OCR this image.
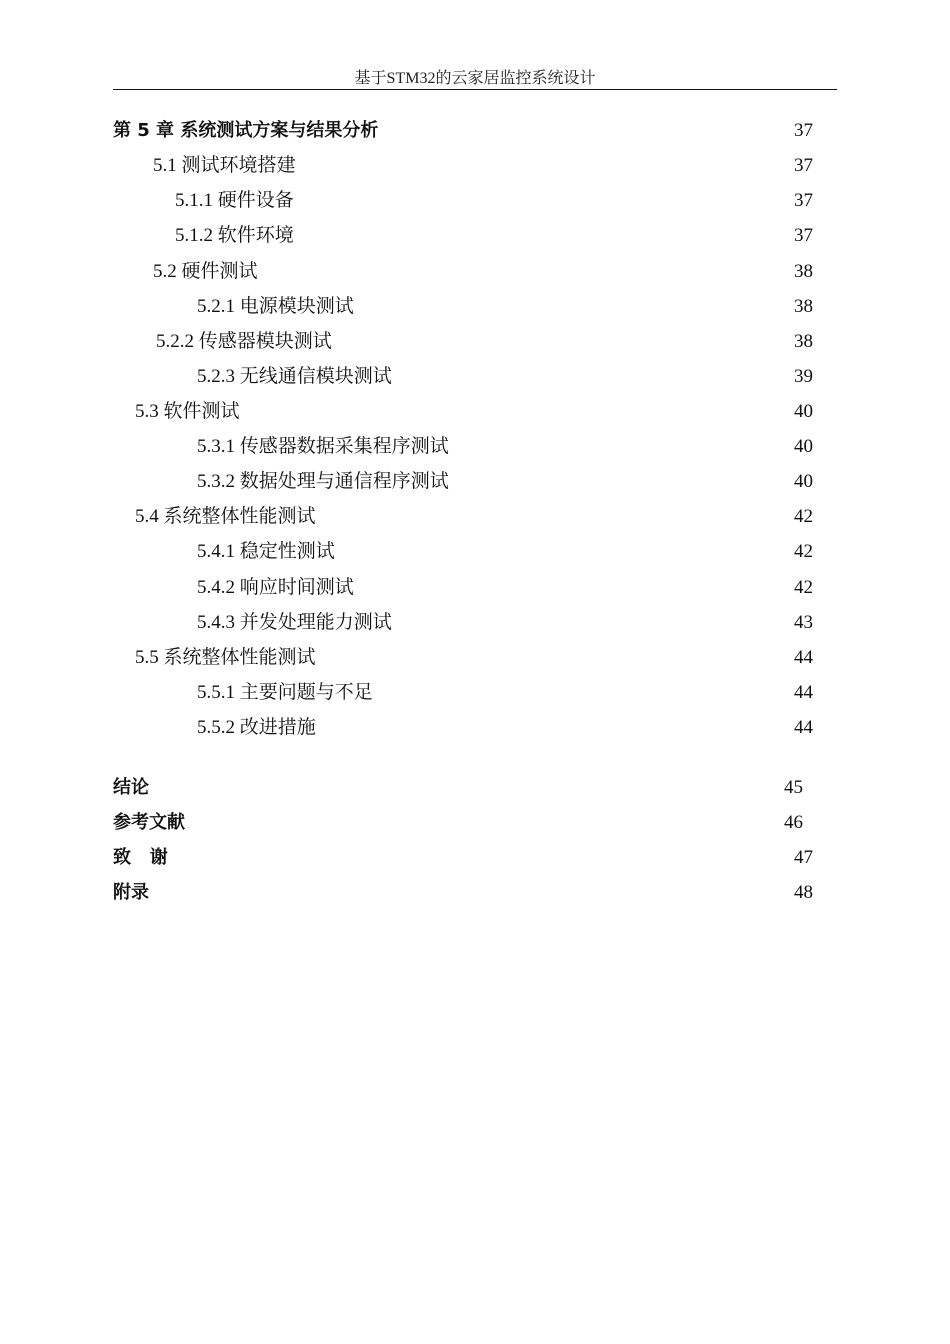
基于STM32的云家居监控系统设计
第 5 章 系统测试方案与结果分析	37
5.1 测试环境搭建	37
5.1.1 硬件设备	37
5.1.2 软件环境	37
5.2 硬件测试	38
5.2.1 电源模块测试	38
5.2.2 传感器模块测试	38
5.2.3 无线通信模块测试	39
5.3 软件测试	40
5.3.1 传感器数据采集程序测试	40
5.3.2 数据处理与通信程序测试	40
5.4 系统整体性能测试	42
5.4.1 稳定性测试	42
5.4.2 响应时间测试	42
5.4.3 并发处理能力测试	43
5.5 系统整体性能测试	44
5.5.1 主要问题与不足	44
5.5.2 改进措施	44
结论	45
参考文献	46
致   谢	47
附录	48
